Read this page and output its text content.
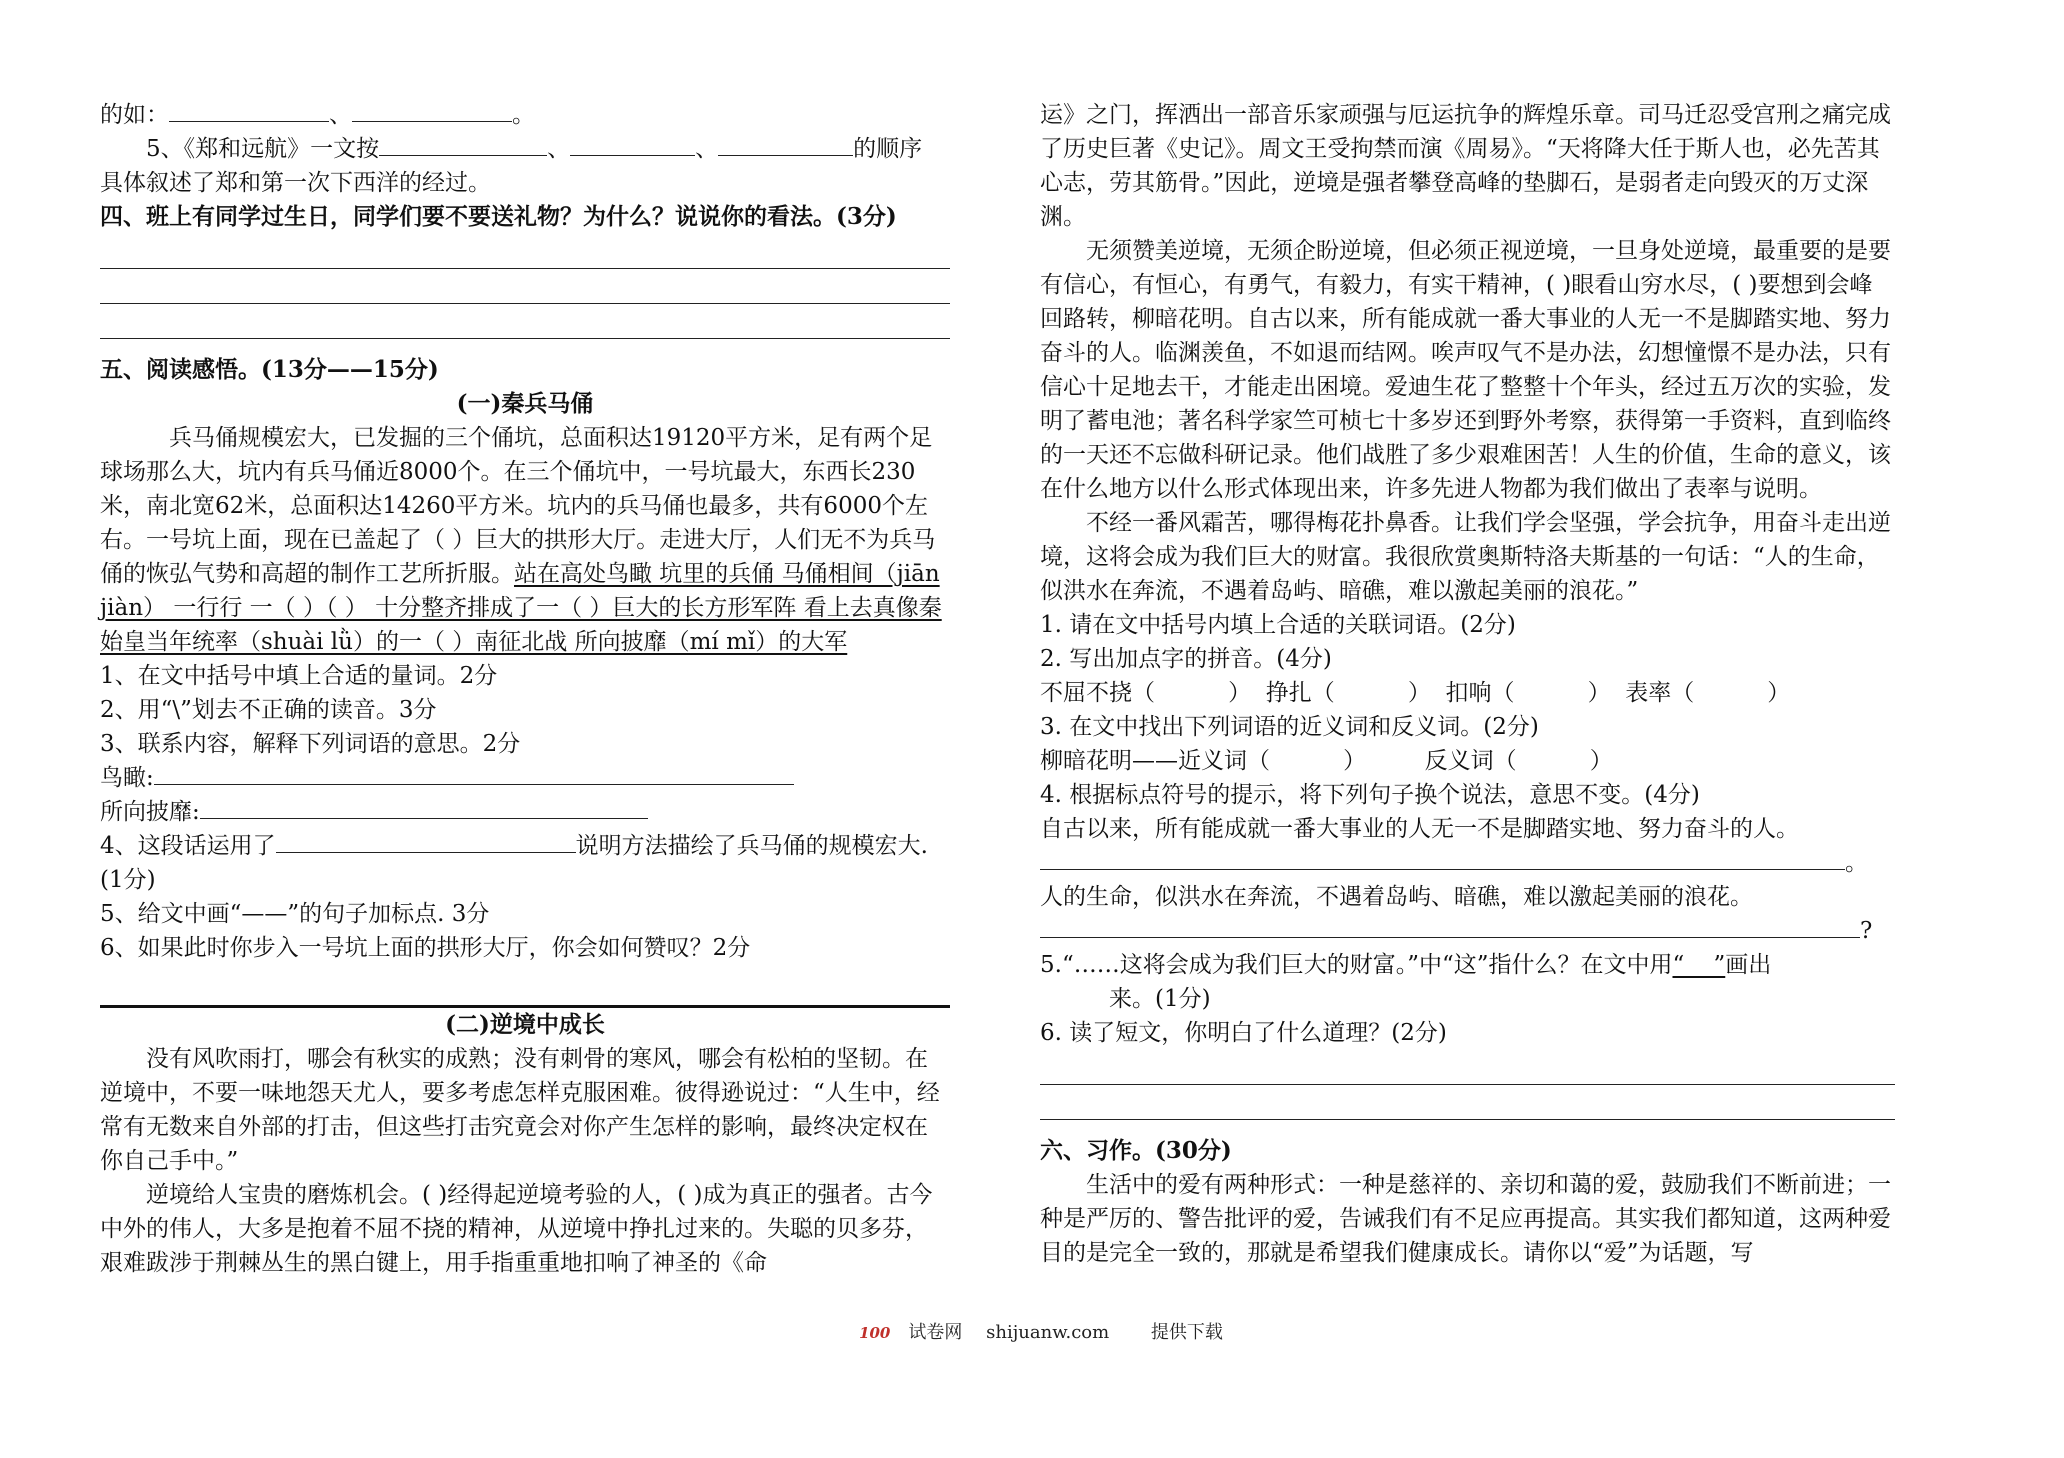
的如：	、	。

5、《郑和远航》一文按	、	、	的顺序

具体叙述了郑和第一次下西洋的经过。

四、班上有同学过生日，同学们要不要送礼物？为什么？说说你的看法。(3分)

五、阅读感悟。(13分——15分)

(一)秦兵马俑

兵马俑规模宏大，已发掘的三个俑坑，总面积达19120平方米，足有两个足球场那么大，坑内有兵马俑近8000个。在三个俑坑中，一号坑最大，东西长230米，南北宽62米，总面积达14260平方米。坑内的兵马俑也最多，共有6000个左右。一号坑上面，现在已盖起了（ ）巨大的拱形大厅。走进大厅，人们无不为兵马俑的恢弘气势和高超的制作工艺所折服。站在高处鸟瞰 坑里的兵俑 马俑相间（jiān jiàn） 一行行 一（ ）（ ） 十分整齐排成了一（ ）巨大的长方形军阵 看上去真像秦始皇当年统率（shuài lǜ）的一（ ）南征北战 所向披靡（mí mǐ）的大军

1、在文中括号中填上合适的量词。2分

2、用“\”划去不正确的读音。3分

3、联系内容，解释下列词语的意思。2分

鸟瞰:

所向披靡:

4、这段话运用了	说明方法描绘了兵马俑的规模宏大.

(1分)

5、给文中画“——”的句子加标点. 3分

6、如果此时你步入一号坑上面的拱形大厅，你会如何赞叹？2分

(二)逆境中成长

没有风吹雨打，哪会有秋实的成熟；没有刺骨的寒风，哪会有松柏的坚韧。在逆境中，不要一味地怨天尤人，要多考虑怎样克服困难。彼得逊说过：“人生中，经常有无数来自外部的打击，但这些打击究竟会对你产生怎样的影响，最终决定权在你自己手中。”

逆境给人宝贵的磨炼机会。( )经得起逆境考验的人，( )成为真正的强者。古今中外的伟人，大多是抱着不屈不挠的精神，从逆境中挣扎过来的。失聪的贝多芬，艰难跋涉于荆棘丛生的黑白键上，用手指重重地扣响了神圣的《命

运》之门，挥洒出一部音乐家顽强与厄运抗争的辉煌乐章。司马迁忍受宫刑之痛完成了历史巨著《史记》。周文王受拘禁而演《周易》。“天将降大任于斯人也，必先苦其心志，劳其筋骨。”因此，逆境是强者攀登高峰的垫脚石，是弱者走向毁灭的万丈深渊。

无须赞美逆境，无须企盼逆境，但必须正视逆境，一旦身处逆境，最重要的是要有信心，有恒心，有勇气，有毅力，有实干精神，( )眼看山穷水尽，( )要想到会峰回路转，柳暗花明。自古以来，所有能成就一番大事业的人无一不是脚踏实地、努力奋斗的人。临渊羡鱼，不如退而结网。唉声叹气不是办法，幻想憧憬不是办法，只有信心十足地去干，才能走出困境。爱迪生花了整整十个年头，经过五万次的实验，发明了蓄电池；著名科学家竺可桢七十多岁还到野外考察，获得第一手资料，直到临终的一天还不忘做科研记录。他们战胜了多少艰难困苦！人生的价值，生命的意义，该在什么地方以什么形式体现出来，许多先进人物都为我们做出了表率与说明。

不经一番风霜苦，哪得梅花扑鼻香。让我们学会坚强，学会抗争，用奋斗走出逆境，这将会成为我们巨大的财富。我很欣赏奥斯特洛夫斯基的一句话：“人的生命，似洪水在奔流，不遇着岛屿、暗礁，难以激起美丽的浪花。”

1. 请在文中括号内填上合适的关联词语。(2分)

2. 写出加点字的拼音。(4分)

不屈不挠（          ）  挣扎（          ）  扣响（          ）  表率（          ）

3. 在文中找出下列词语的近义词和反义词。(2分)

柳暗花明——近义词（          ）        反义词（          ）

4. 根据标点符号的提示，将下列句子换个说法，意思不变。(4分)

自古以来，所有能成就一番大事业的人无一不是脚踏实地、努力奋斗的人。

。

人的生命，似洪水在奔流，不遇着岛屿、暗礁，难以激起美丽的浪花。

?

5.“……这将会成为我们巨大的财富。”中“这”指什么？在文中用“    ”画出

来。(1分)

6. 读了短文，你明白了什么道理？(2分)

六、习作。(30分)

生活中的爱有两种形式：一种是慈祥的、亲切和蔼的爱，鼓励我们不断前进；一种是严厉的、警告批评的爱，告诫我们有不足应再提高。其实我们都知道，这两种爱目的是完全一致的，那就是希望我们健康成长。请你以“爱”为话题，写

100 试卷网 shijuanw.com 提供下载
